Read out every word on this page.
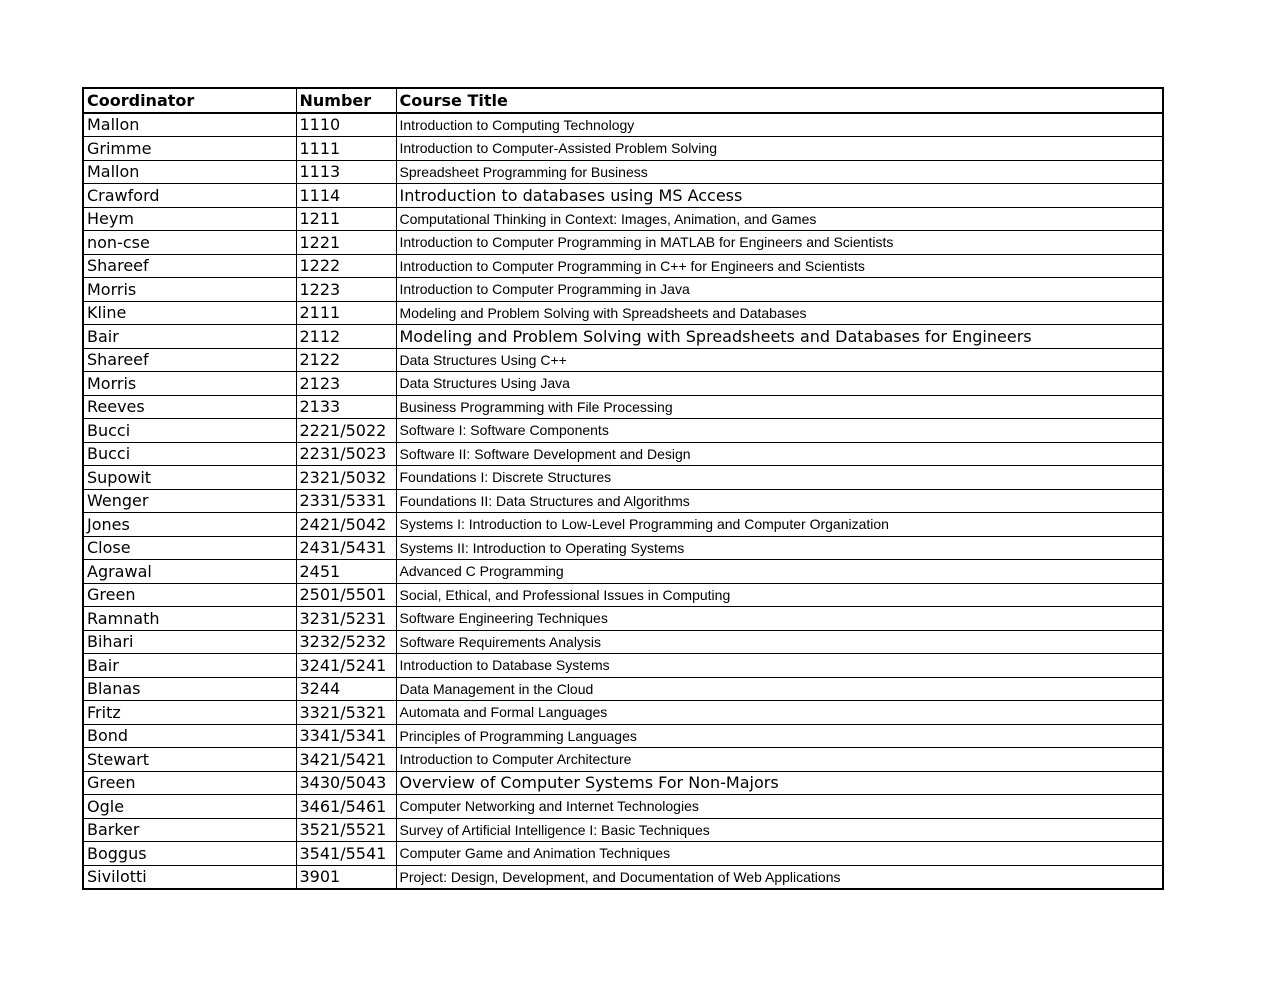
Coordinator	Number	Course Title
Mallon	1110	Introduction to Computing Technology
Grimme	1111	Introduction to Computer-Assisted Problem Solving
Mallon	1113	Spreadsheet Programming for Business
Crawford	1114	Introduction to databases using MS Access
Heym	1211	Computational Thinking in Context: Images, Animation, and Games
non-cse	1221	Introduction to Computer Programming in MATLAB for Engineers and Scientists
Shareef	1222	Introduction to Computer Programming in C++ for Engineers and Scientists
Morris	1223	Introduction to Computer Programming in Java
Kline	2111	Modeling and Problem Solving with Spreadsheets and Databases
Bair	2112	Modeling and Problem Solving with Spreadsheets and Databases for Engineers
Shareef	2122	Data Structures Using C++
Morris	2123	Data Structures Using Java
Reeves	2133	Business Programming with File Processing
Bucci	2221/5022	Software I: Software Components
Bucci	2231/5023	Software II: Software Development and Design
Supowit	2321/5032	Foundations I: Discrete Structures
Wenger	2331/5331	Foundations II: Data Structures and Algorithms
Jones	2421/5042	Systems I: Introduction to Low-Level Programming and Computer Organization
Close	2431/5431	Systems II: Introduction to Operating Systems
Agrawal	2451	Advanced C Programming
Green	2501/5501	Social, Ethical, and Professional Issues in Computing
Ramnath	3231/5231	Software Engineering Techniques
Bihari	3232/5232	Software Requirements Analysis
Bair	3241/5241	Introduction to Database Systems
Blanas	3244	Data Management in the Cloud
Fritz	3321/5321	Automata and Formal Languages
Bond	3341/5341	Principles of Programming Languages
Stewart	3421/5421	Introduction to Computer Architecture
Green	3430/5043	Overview of Computer Systems For Non-Majors
Ogle	3461/5461	Computer Networking and Internet Technologies
Barker	3521/5521	Survey of Artificial Intelligence I: Basic Techniques
Boggus	3541/5541	Computer Game and Animation Techniques
Sivilotti	3901	Project: Design, Development, and Documentation of Web Applications
